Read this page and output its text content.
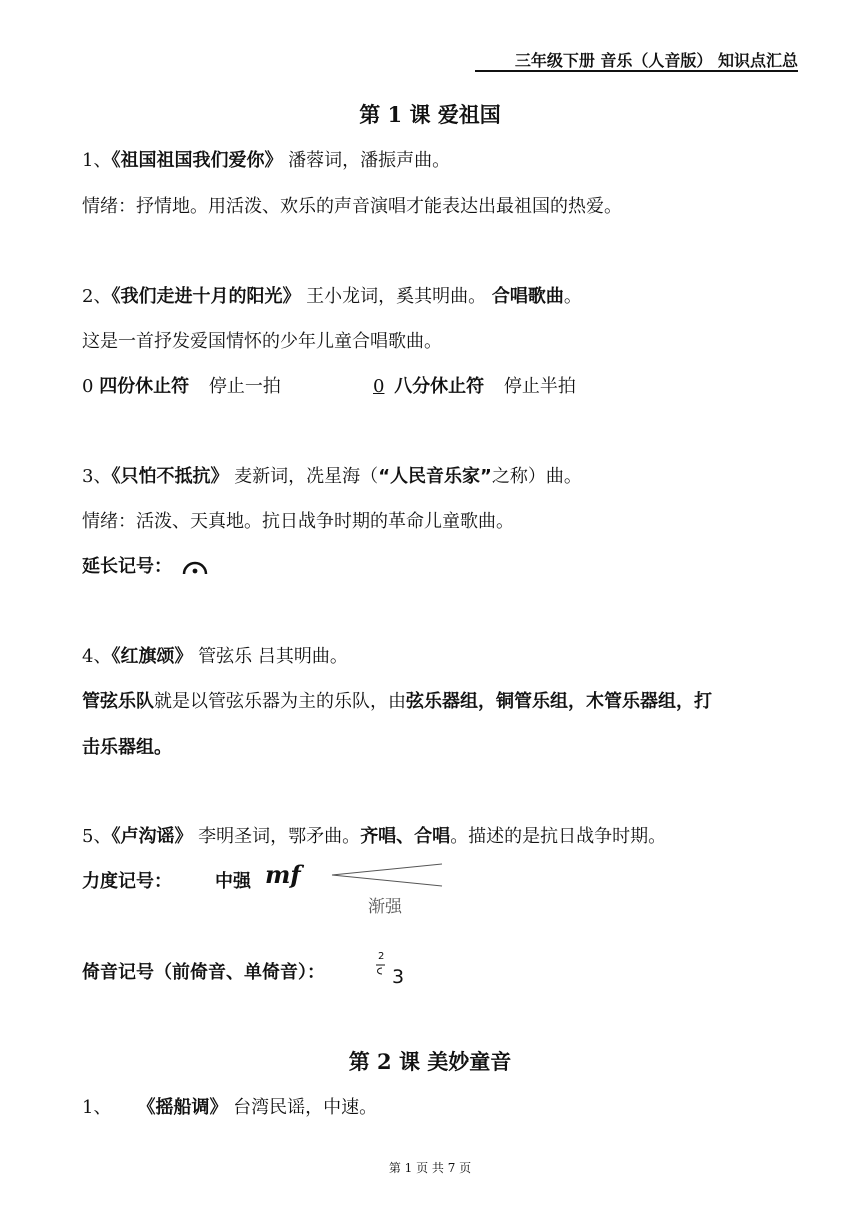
三年级下册 音乐（人音版） 知识点汇总
第 1 课 爱祖国
1、《祖国祖国我们爱你》 潘蓉词，潘振声曲。
情绪：抒情地。用活泼、欢乐的声音演唱才能表达出最祖国的热爱。
2、《我们走进十月的阳光》 王小龙词，奚其明曲。 合唱歌曲。
这是一首抒发爱国情怀的少年儿童合唱歌曲。
0 四份休止符 停止一拍	0 八分休止符 停止半拍
3、《只怕不抵抗》 麦新词，冼星海（“人民音乐家”之称）曲。
情绪：活泼、天真地。抗日战争时期的革命儿童歌曲。
延长记号：
4、《红旗颂》 管弦乐 吕其明曲。
管弦乐队就是以管弦乐器为主的乐队，由弦乐器组，铜管乐组，木管乐器组，打
击乐器组。
5、《卢沟谣》 李明圣词，鄂矛曲。齐唱、合唱。描述的是抗日战争时期。
力度记号： 中强 mf
渐强
倚音记号（前倚音、单倚音）：
2
3
第 2 课 美妙童音
1、 《摇船调》 台湾民谣，中速。
第 1 页 共 7 页
